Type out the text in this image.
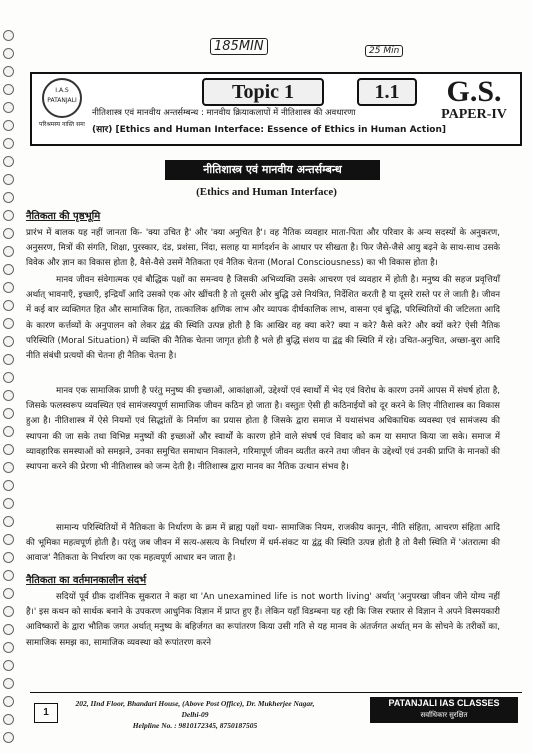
185MIN	25 Min
I.A.S
PATANJALI
परिश्रमस्य नास्ति समः
Topic 1	1.1	G.S.
PAPER-IV
नीतिशास्त्र एवं मानवीय अन्तर्सम्बन्ध : मानवीय क्रियाकलापों में नीतिशास्त्र की अवधारणा
(सार) [Ethics and Human Interface: Essence of Ethics in Human Action]
नीतिशास्त्र एवं मानवीय अन्तर्सम्बन्ध
(Ethics and Human Interface)
नैतिकता की पृष्ठभूमि
प्रारंभ में बालक यह नहीं जानता कि- 'क्या उचित है' और 'क्या अनुचित है'। वह नैतिक व्यवहार माता-पिता और परिवार के अन्य सदस्यों के अनुकरण, अनुसरण, मित्रों की संगति, शिक्षा, पुरस्कार, दंड, प्रशंसा, निंदा, सलाह या मार्गदर्शन के आधार पर सीखता है। फिर जैसे-जैसे आयु बढ़ने के साथ-साथ उसके विवेक और ज्ञान का विकास होता है, वैसे-वैसे उसमें नैतिकता एवं नैतिक चेतना (Moral Consciousness) का भी विकास होता है।
मानव जीवन संवेगात्मक एवं बौद्धिक पक्षों का समन्वय है जिसकी अभिव्यक्ति उसके आचरण एवं व्यवहार में होती है। मनुष्य की सहज प्रवृत्तियाँ अर्थात् भावनाएँ, इच्छाएँ, इन्द्रियाँ आदि उसको एक ओर खींचती है तो दूसरी ओर बुद्धि उसे नियंत्रित, निर्देशित करती है या दूसरे रास्ते पर ले जाती है। जीवन में कई बार व्यक्तिगत हित और सामाजिक हित, तात्कालिक क्षणिक लाभ और व्यापक दीर्घकालिक लाभ, वासना एवं बुद्धि, परिस्थितियों की जटिलता आदि के कारण कर्त्तव्यों के अनुपालन को लेकर द्वंद्व की स्थिति उत्पन्न होती है कि आखिर वह क्या करे? क्या न करे? कैसे करे? और क्यों करे? ऐसी नैतिक परिस्थिति (Moral Situation) में व्यक्ति की नैतिक चेतना जागृत होती है भले ही बुद्धि संशय या द्वंद्व की स्थिति में रहे। उचित-अनुचित, अच्छा-बुरा आदि नीति संबंधी प्रत्ययों की चेतना ही नैतिक चेतना है।
मानव एक सामाजिक प्राणी है परंतु मनुष्य की इच्छाओं, आकांक्षाओं, उद्देश्यों एवं स्वार्थों में भेद एवं विरोध के कारण उनमें आपस में संघर्ष होता है, जिसके फलस्वरूप व्यवस्थित एवं सामंजस्यपूर्ण सामाजिक जीवन कठिन हो जाता है। वस्तुतः ऐसी ही कठिनाईयों को दूर करने के लिए नीतिशास्त्र का विकास हुआ है। नीतिशास्त्र में ऐसे नियमों एवं सिद्धांतों के निर्माण का प्रयास होता है जिसके द्वारा समाज में यथासंभव अधिकाधिक व्यवस्था एवं सामंजस्य की स्थापना की जा सके तथा विभिन्न मनुष्यों की इच्छाओं और स्वार्थों के कारण होने वाले संघर्ष एवं विवाद को कम या समाप्त किया जा सके। समाज में व्यावहारिक समस्याओं को समझने, उनका समुचित समाधान निकालने, गरिमापूर्ण जीवन व्यतीत करने तथा जीवन के उद्देश्यों एवं उनकी प्राप्ति के मानकों की स्थापना करने की प्रेरणा भी नीतिशास्त्र को जन्म देती है। नीतिशास्त्र द्वारा मानव का नैतिक उत्थान संभव है।
सामान्य परिस्थितियों में नैतिकता के निर्धारण के क्रम में ब्राह्य पक्षों यथा- सामाजिक नियम, राजकीय कानून, नीति संहिता, आचरण संहिता आदि की भूमिका महत्वपूर्ण होती है। परंतु जब जीवन में सत्य-असत्य के निर्धारण में धर्म-संकट या द्वंद्व की स्थिति उत्पन्न होती है तो वैसी स्थिति में 'अंतरात्मा की आवाज' नैतिकता के निर्धारण का एक महत्वपूर्ण आधार बन जाता है।
नैतिकता का वर्तमानकालीन संदर्भ
सदियों पूर्व ग्रीक दार्शनिक सुकरात ने कहा था 'An unexamined life is not worth living' अर्थात् 'अनुपरखा जीवन जीने योग्य नहीं है।' इस कथन को सार्थक बनाने के उपकरण आधुनिक विज्ञान में प्राप्त हुए हैं। लेकिन यहाँ विडम्बना यह रही कि जिस रफ्तार से विज्ञान ने अपने विस्मयकारी आविष्कारों के द्वारा भौतिक जगत अर्थात् मनुष्य के बहिर्जगत का रूपांतरण किया उसी गति से यह मानव के अंतर्जगत अर्थात् मन के सोचने के तरीकों का, सामाजिक समझ का, सामाजिक व्यवस्था को रूपांतरण करने
1
202, IInd Floor, Bhandari House, (Above Post Office), Dr. Mukherjee Nagar, Delhi-09
Helpline No. : 9810172345, 8750187505
PATANJALI IAS CLASSES
सर्वाधिकार सुरक्षित
